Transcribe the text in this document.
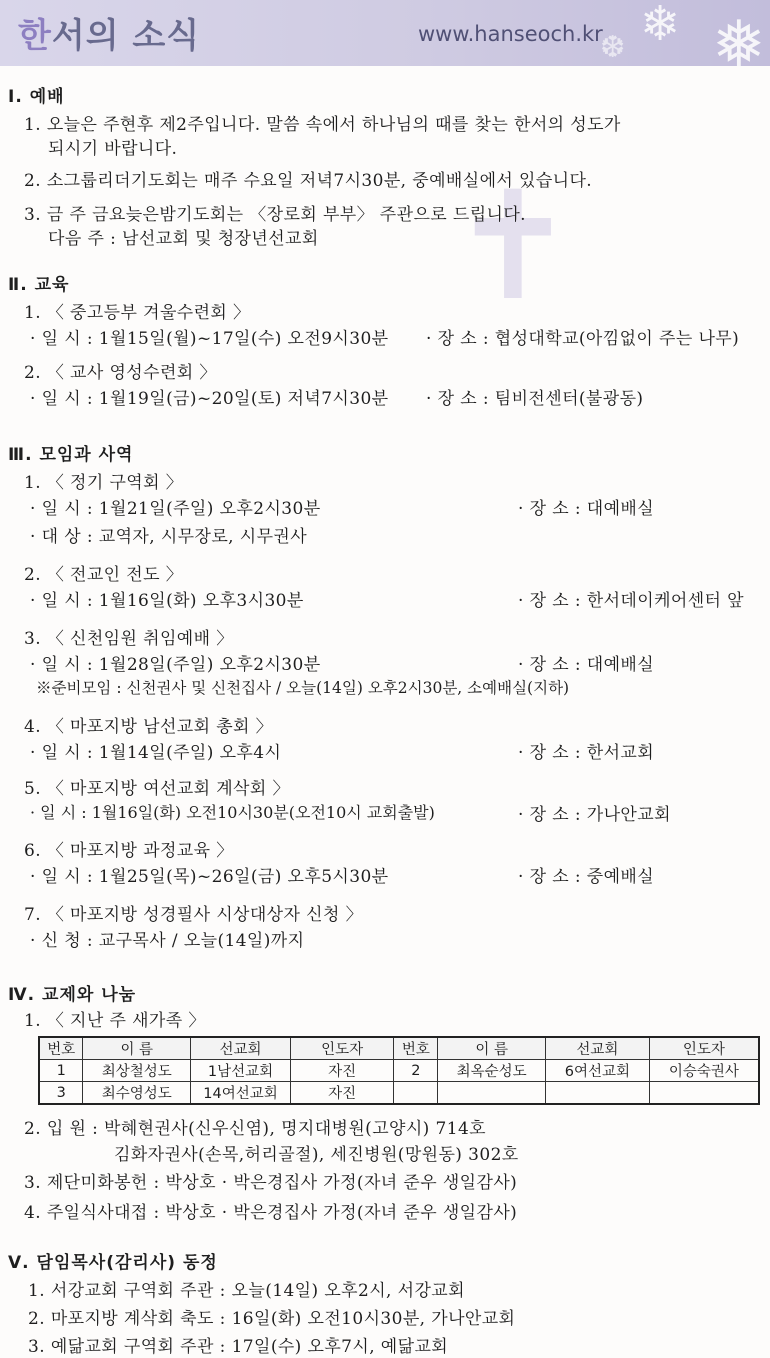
한서의 소식	www.hanseoch.kr ❄ ❅
❆
✝
Ⅰ. 예배
1. 오늘은 주현후 제2주입니다. 말씀 속에서 하나님의 때를 찾는 한서의 성도가
되시기 바랍니다.
2. 소그룹리더기도회는 매주 수요일 저녁7시30분, 중예배실에서 있습니다.
3. 금 주 금요늦은밤기도회는 〈장로회 부부〉 주관으로 드립니다.
다음 주 : 남선교회 및 청장년선교회
Ⅱ. 교육
1. 〈 중고등부 겨울수련회 〉
· 일 시 : 1월15일(월)~17일(수) 오전9시30분 · 장 소 : 협성대학교(아낌없이 주는 나무)
2. 〈 교사 영성수련회 〉
· 일 시 : 1월19일(금)~20일(토) 저녁7시30분 · 장 소 : 팀비전센터(불광동)
Ⅲ. 모임과 사역
1. 〈 정기 구역회 〉
· 일 시 : 1월21일(주일) 오후2시30분	· 장 소 : 대예배실
· 대 상 : 교역자, 시무장로, 시무권사
2. 〈 전교인 전도 〉
· 일 시 : 1월16일(화) 오후3시30분	· 장 소 : 한서데이케어센터 앞
3. 〈 신천임원 취임예배 〉
· 일 시 : 1월28일(주일) 오후2시30분	· 장 소 : 대예배실
※준비모임 : 신천권사 및 신천집사 / 오늘(14일) 오후2시30분, 소예배실(지하)
4. 〈 마포지방 남선교회 총회 〉
· 일 시 : 1월14일(주일) 오후4시	· 장 소 : 한서교회
5. 〈 마포지방 여선교회 계삭회 〉
· 일 시 : 1월16일(화) 오전10시30분(오전10시 교회출발)	· 장 소 : 가나안교회
6. 〈 마포지방 과정교육 〉
· 일 시 : 1월25일(목)~26일(금) 오후5시30분	· 장 소 : 중예배실
7. 〈 마포지방 성경필사 시상대상자 신청 〉
· 신 청 : 교구목사 / 오늘(14일)까지
Ⅳ. 교제와 나눔
1. 〈 지난 주 새가족 〉
번호	이 름	선교회	인도자	번호	이 름	선교회	인도자
1	최상철성도	1남선교회	자진	2	최옥순성도	6여선교회	이승숙권사
3	최수영성도	14여선교회	자진				
2. 입 원 : 박혜현권사(신우신염), 명지대병원(고양시) 714호
김화자권사(손목,허리골절), 세진병원(망원동) 302호
3. 제단미화봉헌 : 박상호 · 박은경집사 가정(자녀 준우 생일감사)
4. 주일식사대접 : 박상호 · 박은경집사 가정(자녀 준우 생일감사)
Ⅴ. 담임목사(감리사) 동정
1. 서강교회 구역회 주관 : 오늘(14일) 오후2시, 서강교회
2. 마포지방 계삭회 축도 : 16일(화) 오전10시30분, 가나안교회
3. 예닮교회 구역회 주관 : 17일(수) 오후7시, 예닮교회
